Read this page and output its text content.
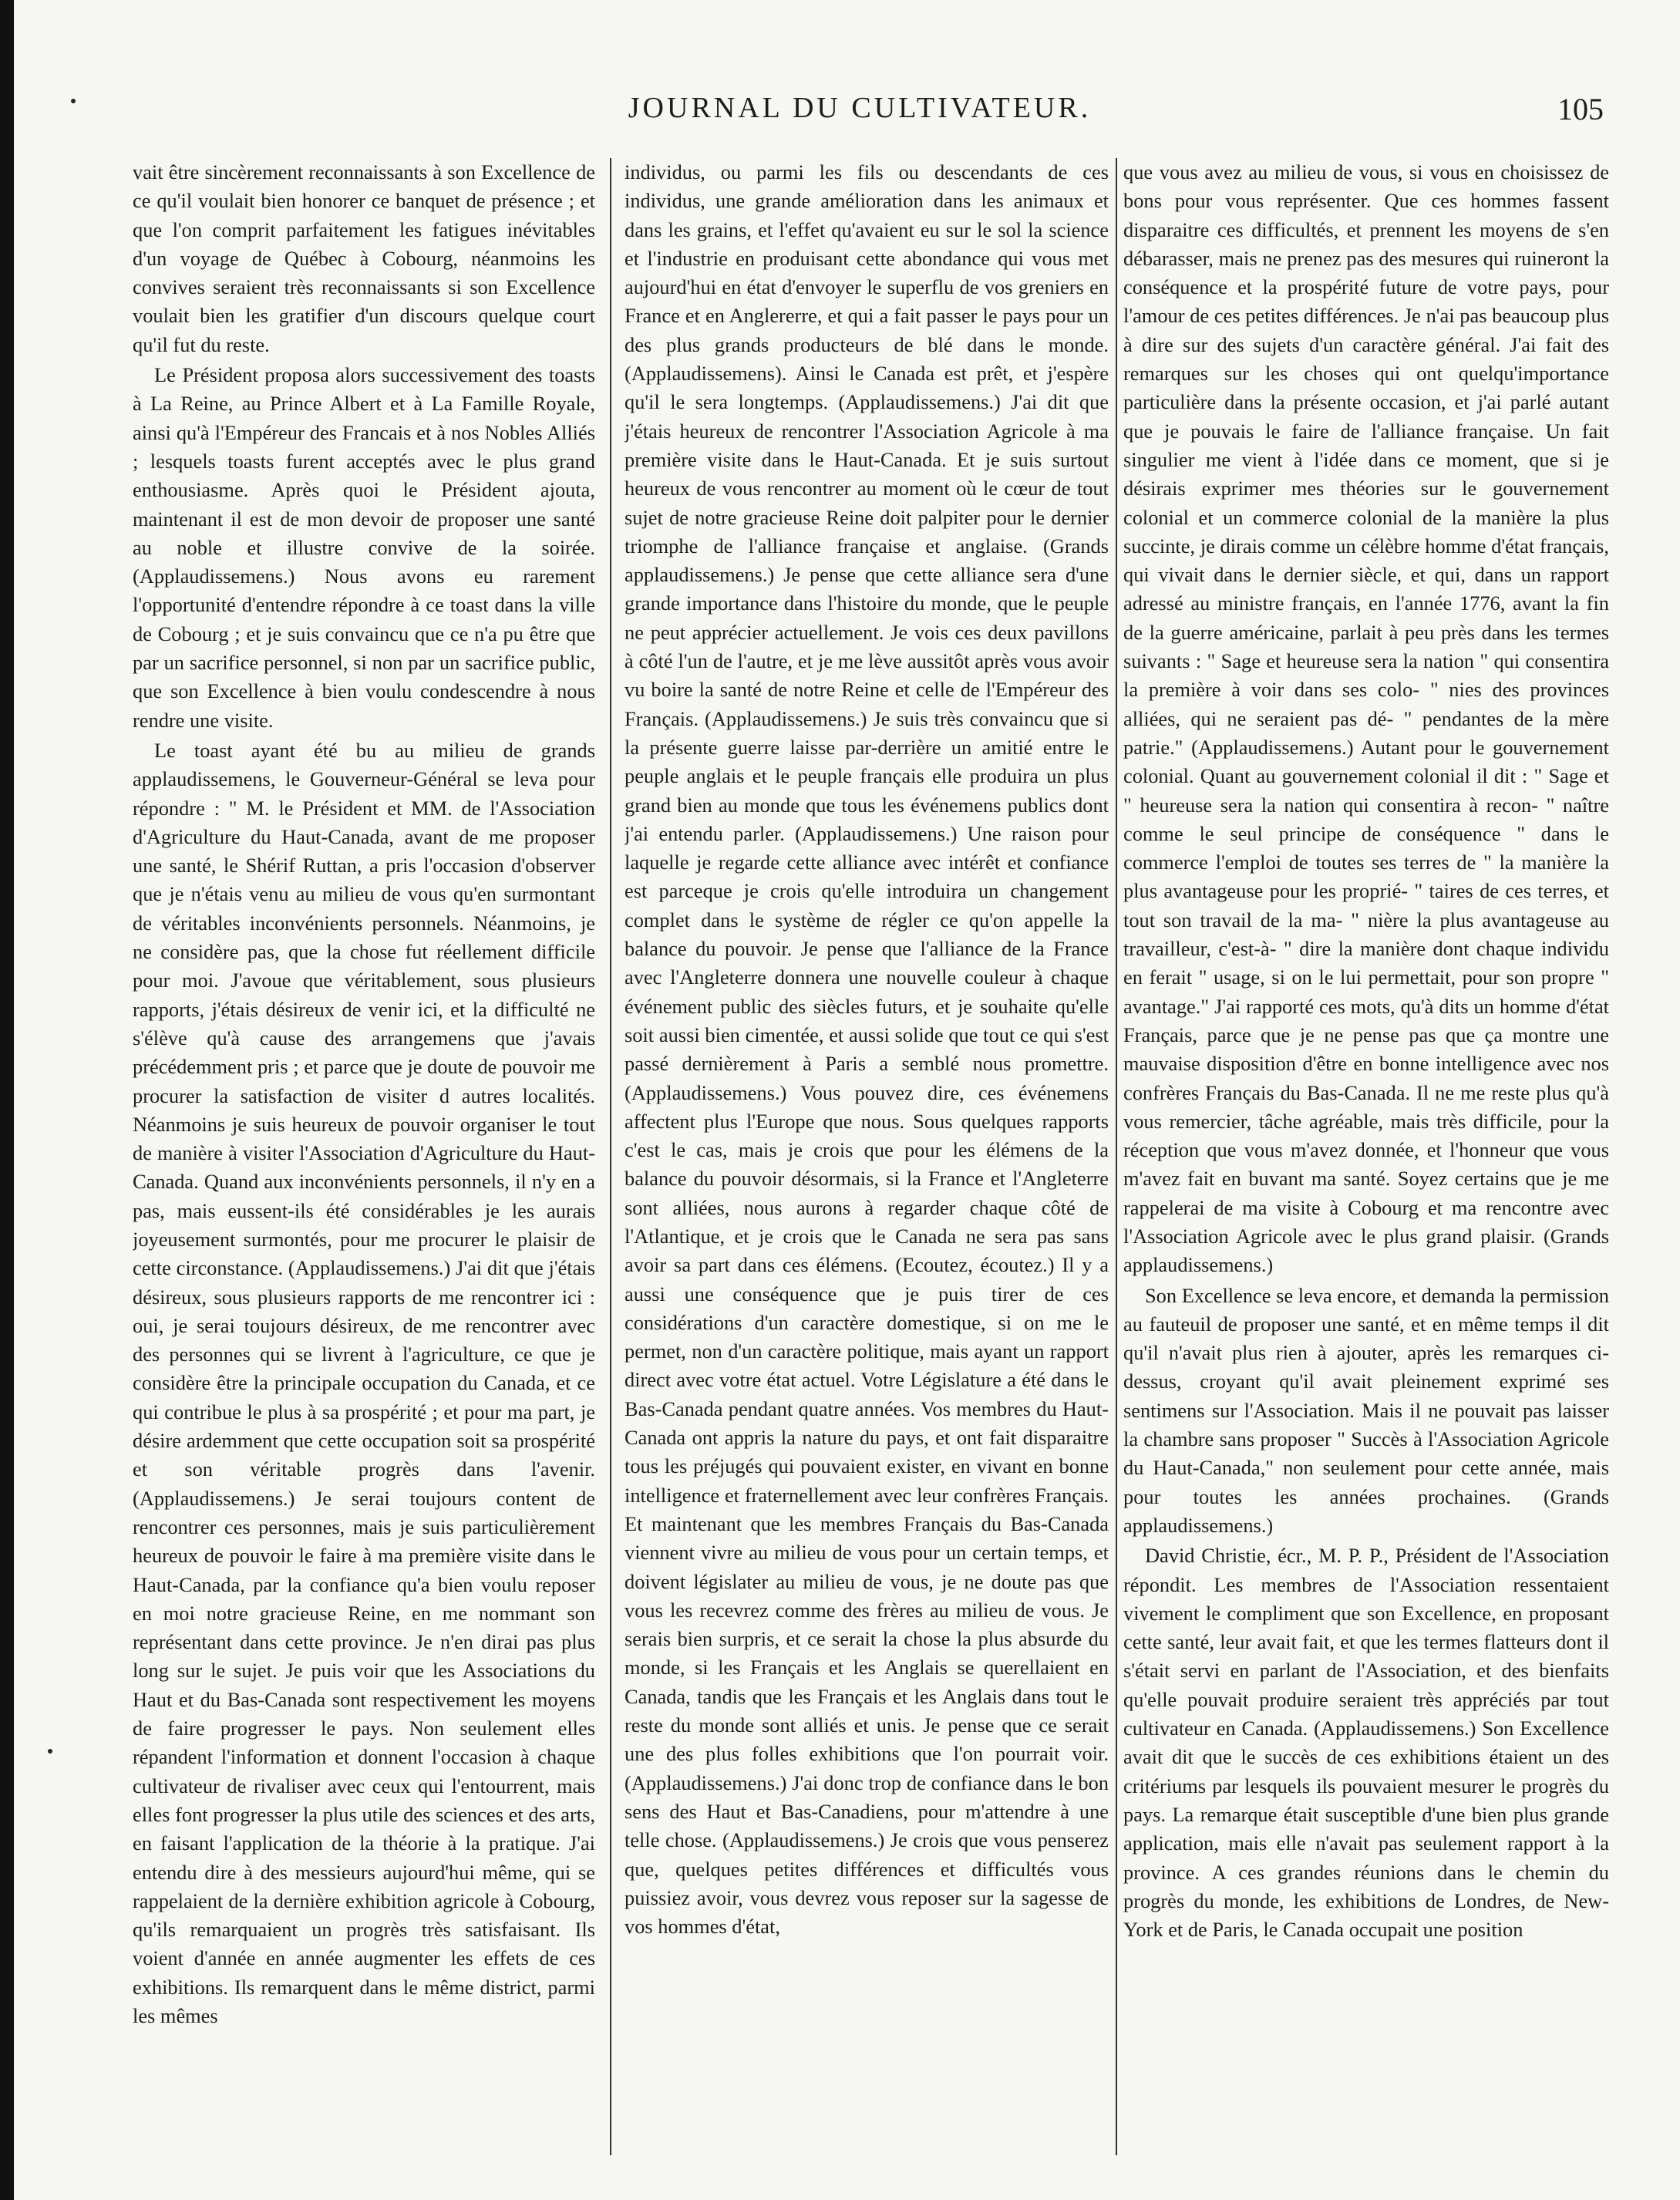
JOURNAL DU CULTIVATEUR.	105

vait être sincèrement reconnaissants à son Excellence de ce qu'il voulait bien honorer ce banquet de présence ; et que l'on comprit parfaitement les fatigues inévitables d'un voyage de Québec à Cobourg, néanmoins les convives seraient très reconnaissants si son Excellence voulait bien les gratifier d'un discours quelque court qu'il fut du reste.

Le Président proposa alors successivement des toasts à La Reine, au Prince Albert et à La Famille Royale, ainsi qu'à l'Empéreur des Francais et à nos Nobles Alliés ; lesquels toasts furent acceptés avec le plus grand enthousiasme. Après quoi le Président ajouta, maintenant il est de mon devoir de proposer une santé au noble et illustre convive de la soirée. (Applaudissemens.) Nous avons eu rarement l'opportunité d'entendre répondre à ce toast dans la ville de Cobourg ; et je suis convaincu que ce n'a pu être que par un sacrifice personnel, si non par un sacrifice public, que son Excellence à bien voulu condescendre à nous rendre une visite.

Le toast ayant été bu au milieu de grands applaudissemens, le Gouverneur-Général se leva pour répondre : " M. le Président et MM. de l'Association d'Agriculture du Haut-Canada, avant de me proposer une santé, le Shérif Ruttan, a pris l'occasion d'observer que je n'étais venu au milieu de vous qu'en surmontant de véritables inconvénients personnels. Néanmoins, je ne considère pas, que la chose fut réellement difficile pour moi. J'avoue que véritablement, sous plusieurs rapports, j'étais désireux de venir ici, et la difficulté ne s'élève qu'à cause des arrangemens que j'avais précédemment pris ; et parce que je doute de pouvoir me procurer la satisfaction de visiter d autres localités. Néanmoins je suis heureux de pouvoir organiser le tout de manière à visiter l'Association d'Agriculture du Haut-Canada. Quand aux inconvénients personnels, il n'y en a pas, mais eussent-ils été considérables je les aurais joyeusement surmontés, pour me procurer le plaisir de cette circonstance. (Applaudissemens.) J'ai dit que j'étais désireux, sous plusieurs rapports de me rencontrer ici : oui, je serai toujours désireux, de me rencontrer avec des personnes qui se livrent à l'agriculture, ce que je considère être la principale occupation du Canada, et ce qui contribue le plus à sa prospérité ; et pour ma part, je désire ardemment que cette occupation soit sa prospérité et son véritable progrès dans l'avenir. (Applaudissemens.) Je serai toujours content de rencontrer ces personnes, mais je suis particulièrement heureux de pouvoir le faire à ma première visite dans le Haut-Canada, par la confiance qu'a bien voulu reposer en moi notre gracieuse Reine, en me nommant son représentant dans cette province. Je n'en dirai pas plus long sur le sujet. Je puis voir que les Associations du Haut et du Bas-Canada sont respectivement les moyens de faire progresser le pays. Non seulement elles répandent l'information et donnent l'occasion à chaque cultivateur de rivaliser avec ceux qui l'entourrent, mais elles font progresser la plus utile des sciences et des arts, en faisant l'application de la théorie à la pratique. J'ai entendu dire à des messieurs aujourd'hui même, qui se rappelaient de la dernière exhibition agricole à Cobourg, qu'ils remarquaient un progrès très satisfaisant. Ils voient d'année en année augmenter les effets de ces exhibitions. Ils remarquent dans le même district, parmi les mêmes

individus, ou parmi les fils ou descendants de ces individus, une grande amélioration dans les animaux et dans les grains, et l'effet qu'avaient eu sur le sol la science et l'industrie en produisant cette abondance qui vous met aujourd'hui en état d'envoyer le superflu de vos greniers en France et en Anglererre, et qui a fait passer le pays pour un des plus grands producteurs de blé dans le monde. (Applaudissemens). Ainsi le Canada est prêt, et j'espère qu'il le sera longtemps. (Applaudissemens.) J'ai dit que j'étais heureux de rencontrer l'Association Agricole à ma première visite dans le Haut-Canada. Et je suis surtout heureux de vous rencontrer au moment où le cœur de tout sujet de notre gracieuse Reine doit palpiter pour le dernier triomphe de l'alliance française et anglaise. (Grands applaudissemens.) Je pense que cette alliance sera d'une grande importance dans l'histoire du monde, que le peuple ne peut apprécier actuellement. Je vois ces deux pavillons à côté l'un de l'autre, et je me lève aussitôt après vous avoir vu boire la santé de notre Reine et celle de l'Empéreur des Français. (Applaudissemens.) Je suis très convaincu que si la présente guerre laisse par-derrière un amitié entre le peuple anglais et le peuple français elle produira un plus grand bien au monde que tous les événemens publics dont j'ai entendu parler. (Applaudissemens.) Une raison pour laquelle je regarde cette alliance avec intérêt et confiance est parceque je crois qu'elle introduira un changement complet dans le système de régler ce qu'on appelle la balance du pouvoir. Je pense que l'alliance de la France avec l'Angleterre donnera une nouvelle couleur à chaque événement public des siècles futurs, et je souhaite qu'elle soit aussi bien cimentée, et aussi solide que tout ce qui s'est passé dernièrement à Paris a semblé nous promettre. (Applaudissemens.) Vous pouvez dire, ces événemens affectent plus l'Europe que nous. Sous quelques rapports c'est le cas, mais je crois que pour les élémens de la balance du pouvoir désormais, si la France et l'Angleterre sont alliées, nous aurons à regarder chaque côté de l'Atlantique, et je crois que le Canada ne sera pas sans avoir sa part dans ces élémens. (Ecoutez, écoutez.) Il y a aussi une conséquence que je puis tirer de ces considérations d'un caractère domestique, si on me le permet, non d'un caractère politique, mais ayant un rapport direct avec votre état actuel. Votre Législature a été dans le Bas-Canada pendant quatre années. Vos membres du Haut-Canada ont appris la nature du pays, et ont fait disparaitre tous les préjugés qui pouvaient exister, en vivant en bonne intelligence et fraternellement avec leur confrères Français. Et maintenant que les membres Français du Bas-Canada viennent vivre au milieu de vous pour un certain temps, et doivent législater au milieu de vous, je ne doute pas que vous les recevrez comme des frères au milieu de vous. Je serais bien surpris, et ce serait la chose la plus absurde du monde, si les Français et les Anglais se querellaient en Canada, tandis que les Français et les Anglais dans tout le reste du monde sont alliés et unis. Je pense que ce serait une des plus folles exhibitions que l'on pourrait voir. (Applaudissemens.) J'ai donc trop de confiance dans le bon sens des Haut et Bas-Canadiens, pour m'attendre à une telle chose. (Applaudissemens.) Je crois que vous penserez que, quelques petites différences et difficultés vous puissiez avoir, vous devrez vous reposer sur la sagesse de vos hommes d'état,

que vous avez au milieu de vous, si vous en choisissez de bons pour vous représenter. Que ces hommes fassent disparaitre ces difficultés, et prennent les moyens de s'en débarasser, mais ne prenez pas des mesures qui ruineront la conséquence et la prospérité future de votre pays, pour l'amour de ces petites différences. Je n'ai pas beaucoup plus à dire sur des sujets d'un caractère général. J'ai fait des remarques sur les choses qui ont quelqu'importance particulière dans la présente occasion, et j'ai parlé autant que je pouvais le faire de l'alliance française. Un fait singulier me vient à l'idée dans ce moment, que si je désirais exprimer mes théories sur le gouvernement colonial et un commerce colonial de la manière la plus succinte, je dirais comme un célèbre homme d'état français, qui vivait dans le dernier siècle, et qui, dans un rapport adressé au ministre français, en l'année 1776, avant la fin de la guerre américaine, parlait à peu près dans les termes suivants : " Sage et heureuse sera la nation " qui consentira la première à voir dans ses colo- " nies des provinces alliées, qui ne seraient pas dé- " pendantes de la mère patrie." (Applaudissemens.) Autant pour le gouvernement colonial. Quant au gouvernement colonial il dit : " Sage et " heureuse sera la nation qui consentira à recon- " naître comme le seul principe de conséquence " dans le commerce l'emploi de toutes ses terres de " la manière la plus avantageuse pour les proprié- " taires de ces terres, et tout son travail de la ma- " nière la plus avantageuse au travailleur, c'est-à- " dire la manière dont chaque individu en ferait " usage, si on le lui permettait, pour son propre " avantage." J'ai rapporté ces mots, qu'à dits un homme d'état Français, parce que je ne pense pas que ça montre une mauvaise disposition d'être en bonne intelligence avec nos confrères Français du Bas-Canada. Il ne me reste plus qu'à vous remercier, tâche agréable, mais très difficile, pour la réception que vous m'avez donnée, et l'honneur que vous m'avez fait en buvant ma santé. Soyez certains que je me rappelerai de ma visite à Cobourg et ma rencontre avec l'Association Agricole avec le plus grand plaisir. (Grands applaudissemens.)

Son Excellence se leva encore, et demanda la permission au fauteuil de proposer une santé, et en même temps il dit qu'il n'avait plus rien à ajouter, après les remarques ci-dessus, croyant qu'il avait pleinement exprimé ses sentimens sur l'Association. Mais il ne pouvait pas laisser la chambre sans proposer " Succès à l'Association Agricole du Haut-Canada," non seulement pour cette année, mais pour toutes les années prochaines. (Grands applaudissemens.)

David Christie, écr., M. P. P., Président de l'Association répondit. Les membres de l'Association ressentaient vivement le compliment que son Excellence, en proposant cette santé, leur avait fait, et que les termes flatteurs dont il s'était servi en parlant de l'Association, et des bienfaits qu'elle pouvait produire seraient très appréciés par tout cultivateur en Canada. (Applaudissemens.) Son Excellence avait dit que le succès de ces exhibitions étaient un des critériums par lesquels ils pouvaient mesurer le progrès du pays. La remarque était susceptible d'une bien plus grande application, mais elle n'avait pas seulement rapport à la province. A ces grandes réunions dans le chemin du progrès du monde, les exhibitions de Londres, de New-York et de Paris, le Canada occupait une position
